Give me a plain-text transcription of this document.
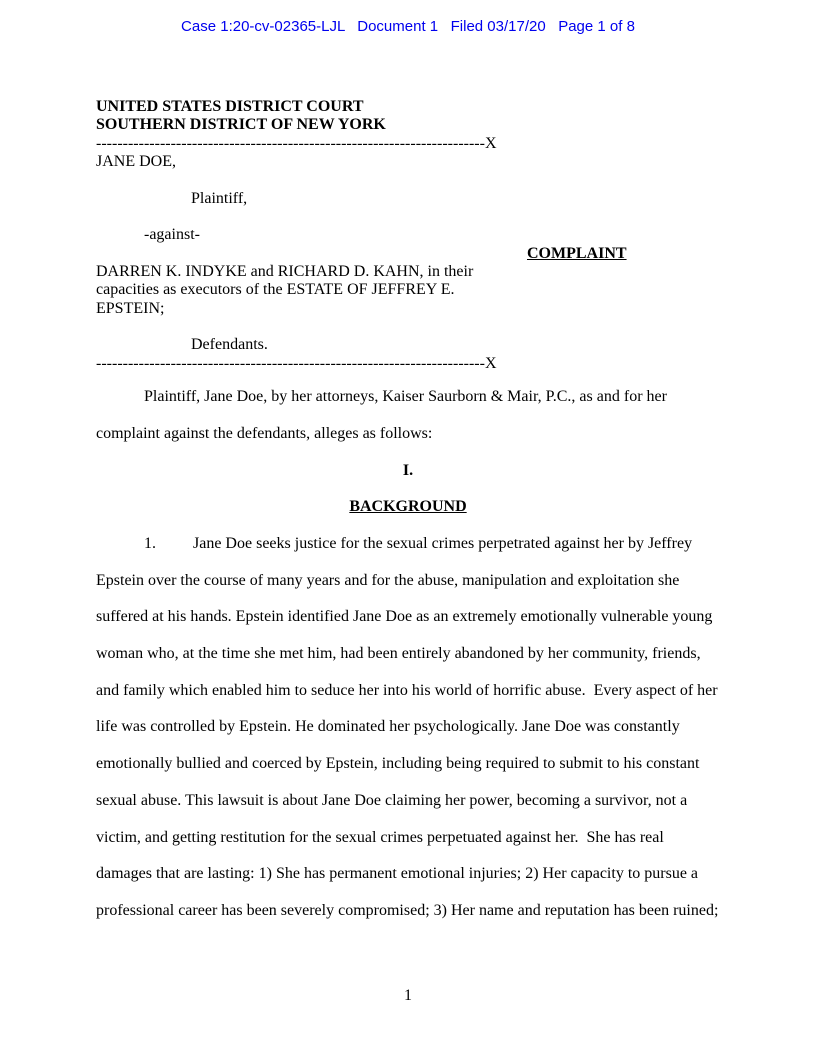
Case 1:20-cv-02365-LJL   Document 1   Filed 03/17/20   Page 1 of 8
UNITED STATES DISTRICT COURT
SOUTHERN DISTRICT OF NEW YORK
-------------------------------------------------------------------------X
JANE DOE,
Plaintiff,
-against-
COMPLAINT
DARREN K. INDYKE and RICHARD D. KAHN, in their
capacities as executors of the ESTATE OF JEFFREY E.
EPSTEIN;
Defendants.
-------------------------------------------------------------------------X

Plaintiff, Jane Doe, by her attorneys, Kaiser Saurborn & Mair, P.C., as and for her complaint against the defendants, alleges as follows:

I.
BACKGROUND

1. Jane Doe seeks justice for the sexual crimes perpetrated against her by Jeffrey Epstein over the course of many years and for the abuse, manipulation and exploitation she suffered at his hands. Epstein identified Jane Doe as an extremely emotionally vulnerable young woman who, at the time she met him, had been entirely abandoned by her community, friends, and family which enabled him to seduce her into his world of horrific abuse.  Every aspect of her life was controlled by Epstein. He dominated her psychologically. Jane Doe was constantly emotionally bullied and coerced by Epstein, including being required to submit to his constant sexual abuse. This lawsuit is about Jane Doe claiming her power, becoming a survivor, not a victim, and getting restitution for the sexual crimes perpetuated against her.  She has real damages that are lasting: 1) She has permanent emotional injuries; 2) Her capacity to pursue a professional career has been severely compromised; 3) Her name and reputation has been ruined;

1
